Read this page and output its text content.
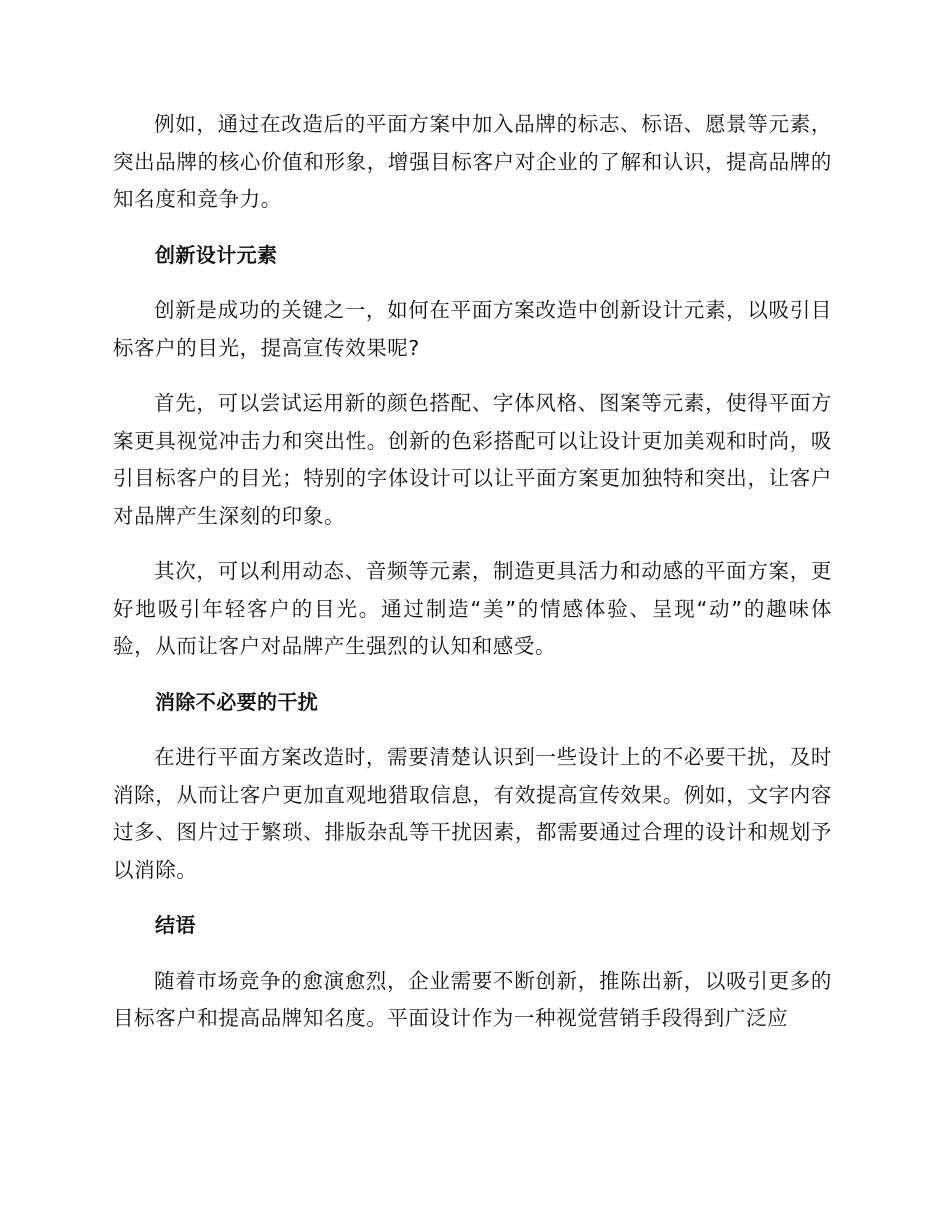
例如，通过在改造后的平面方案中加入品牌的标志、标语、愿景等元素，突出品牌的核心价值和形象，增强目标客户对企业的了解和认识，提高品牌的知名度和竞争力。

创新设计元素

创新是成功的关键之一，如何在平面方案改造中创新设计元素，以吸引目标客户的目光，提高宣传效果呢?

首先，可以尝试运用新的颜色搭配、字体风格、图案等元素，使得平面方案更具视觉冲击力和突出性。创新的色彩搭配可以让设计更加美观和时尚，吸引目标客户的目光；特别的字体设计可以让平面方案更加独特和突出，让客户对品牌产生深刻的印象。

其次，可以利用动态、音频等元素，制造更具活力和动感的平面方案，更好地吸引年轻客户的目光。通过制造“美”的情感体验、呈现“动”的趣味体验，从而让客户对品牌产生强烈的认知和感受。

消除不必要的干扰

在进行平面方案改造时，需要清楚认识到一些设计上的不必要干扰，及时消除，从而让客户更加直观地猎取信息，有效提高宣传效果。例如，文字内容过多、图片过于繁琐、排版杂乱等干扰因素，都需要通过合理的设计和规划予以消除。

结语

随着市场竞争的愈演愈烈，企业需要不断创新，推陈出新，以吸引更多的目标客户和提高品牌知名度。平面设计作为一种视觉营销手段得到广泛应
